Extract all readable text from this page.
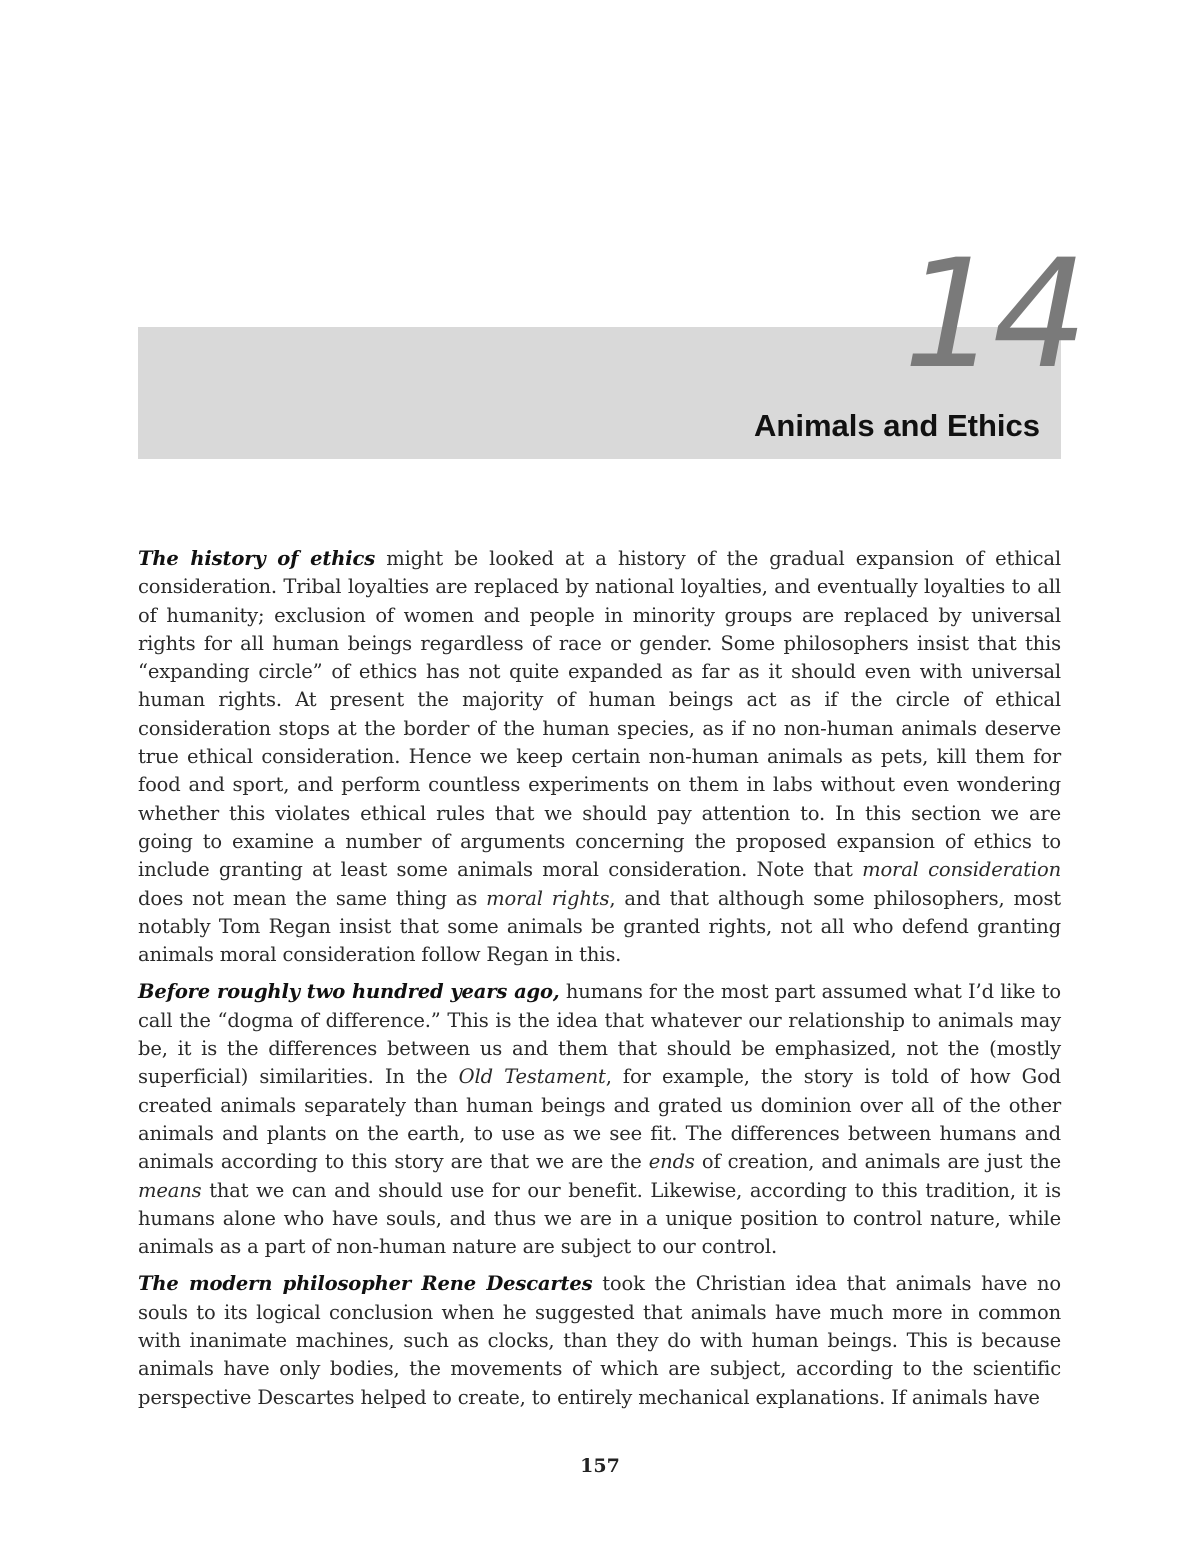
14
Animals and Ethics

The history of ethics might be looked at a history of the gradual expansion of ethical consideration. Tribal loyalties are replaced by national loyalties, and eventually loyalties to all of humanity; exclusion of women and people in minority groups are replaced by universal rights for all human beings regardless of race or gender. Some philosophers insist that this “expanding circle” of ethics has not quite expanded as far as it should even with universal human rights. At present the majority of human beings act as if the circle of ethical consideration stops at the border of the human species, as if no non-human animals deserve true ethical consideration. Hence we keep certain non-human animals as pets, kill them for food and sport, and perform countless experiments on them in labs without even wondering whether this violates ethical rules that we should pay attention to. In this section we are going to examine a number of arguments concerning the proposed expansion of ethics to include granting at least some animals moral consideration. Note that moral consideration does not mean the same thing as moral rights, and that although some philosophers, most notably Tom Regan insist that some animals be granted rights, not all who defend granting animals moral consideration follow Regan in this.

Before roughly two hundred years ago, humans for the most part assumed what I’d like to call the “dogma of difference.” This is the idea that whatever our relationship to animals may be, it is the differences between us and them that should be emphasized, not the (mostly superficial) similarities. In the Old Testament, for example, the story is told of how God created animals separately than human beings and grated us dominion over all of the other animals and plants on the earth, to use as we see fit. The differences between humans and animals according to this story are that we are the ends of creation, and animals are just the means that we can and should use for our benefit. Likewise, according to this tradition, it is humans alone who have souls, and thus we are in a unique position to control nature, while animals as a part of non-human nature are subject to our control.

The modern philosopher Rene Descartes took the Christian idea that animals have no souls to its logical conclusion when he suggested that animals have much more in common with inanimate machines, such as clocks, than they do with human beings. This is because animals have only bodies, the movements of which are subject, according to the scientific perspective Descartes helped to create, to entirely mechanical explanations. If animals have

157
